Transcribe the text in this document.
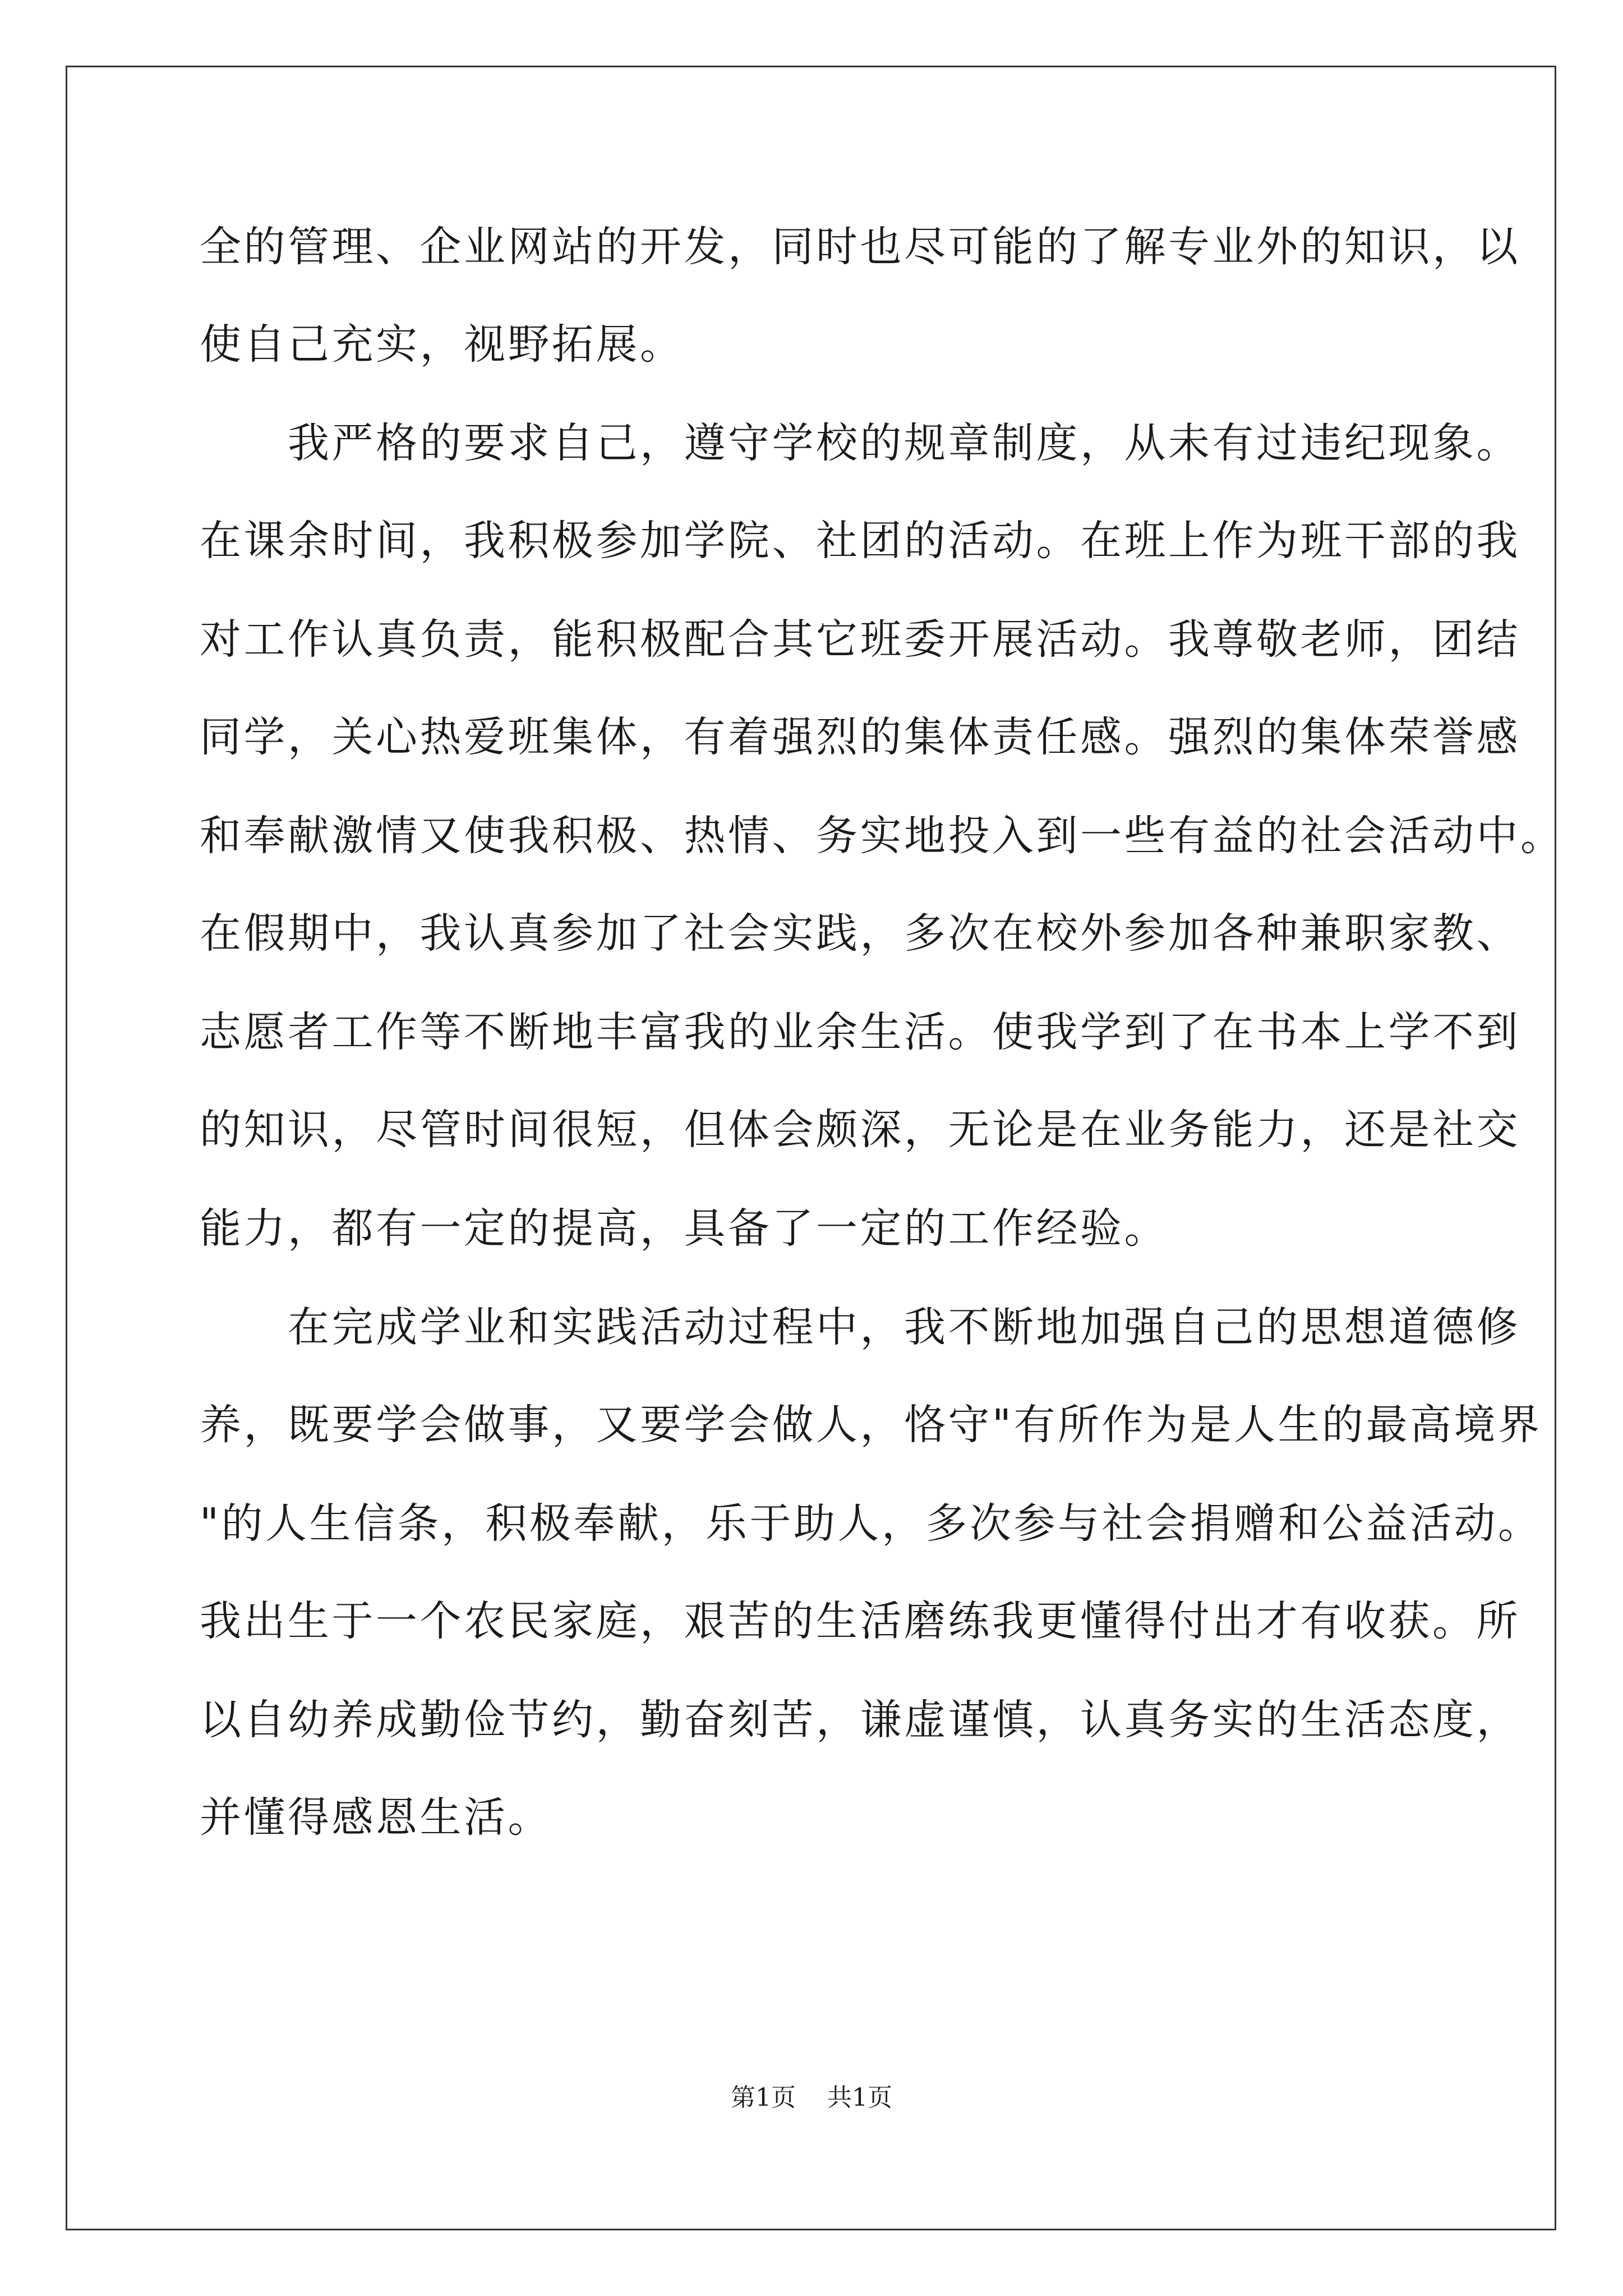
全的管理、企业网站的开发，同时也尽可能的了解专业外的知识，以
使自己充实，视野拓展。
　　我严格的要求自己，遵守学校的规章制度，从未有过违纪现象。
在课余时间，我积极参加学院、社团的活动。在班上作为班干部的我
对工作认真负责，能积极配合其它班委开展活动。我尊敬老师，团结
同学，关心热爱班集体，有着强烈的集体责任感。强烈的集体荣誉感
和奉献激情又使我积极、热情、务实地投入到一些有益的社会活动中。
在假期中，我认真参加了社会实践，多次在校外参加各种兼职家教、
志愿者工作等不断地丰富我的业余生活。使我学到了在书本上学不到
的知识，尽管时间很短，但体会颇深，无论是在业务能力，还是社交
能力，都有一定的提高，具备了一定的工作经验。
　　在完成学业和实践活动过程中，我不断地加强自己的思想道德修
养，既要学会做事，又要学会做人，恪守"有所作为是人生的最高境界
"的人生信条，积极奉献，乐于助人，多次参与社会捐赠和公益活动。
我出生于一个农民家庭，艰苦的生活磨练我更懂得付出才有收获。所
以自幼养成勤俭节约，勤奋刻苦，谦虚谨慎，认真务实的生活态度，
并懂得感恩生活。
第1页 共1页
